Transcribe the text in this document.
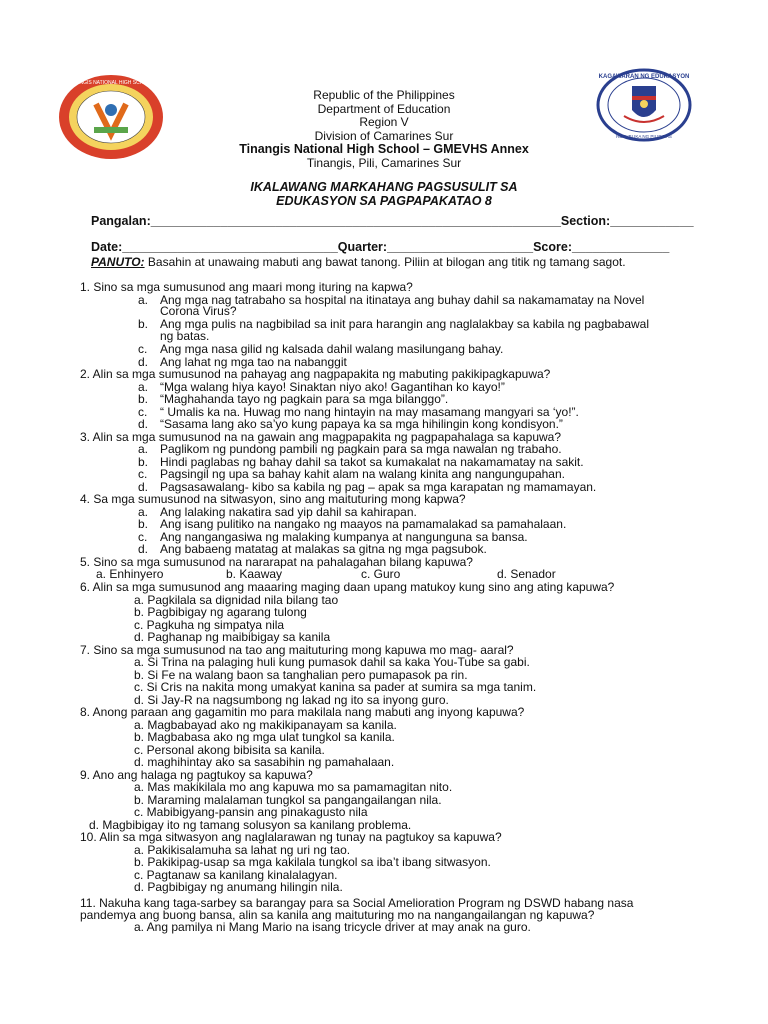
TINANGIS NATIONAL HIGH SCHOOL
KAGAWARAN NG EDUKASYON
REPUBLIKA NG PILIPINAS
Republic of the Philippines
Department of Education
Region V
Division of Camarines Sur
Tinangis National High School – GMEVHS Annex
Tinangis, Pili, Camarines Sur
IKALAWANG MARKAHANG PAGSUSULIT SA
EDUKASYON SA PAGPAPAKATAO 8
Pangalan:___________________________________________________________Section:____________
Date:_______________________________Quarter:_____________________Score:______________
PANUTO: Basahin at unawaing mabuti ang bawat tanong. Piliin at bilogan ang titik ng tamang sagot.
1. Sino sa mga sumusunod ang maari mong ituring na kapwa?
a. Ang mga nag tatrabaho sa hospital na itinataya ang buhay dahil sa nakamamatay na Novel
Corona Virus?
b. Ang mga pulis na nagbibilad sa init para harangin ang naglalakbay sa kabila ng pagbabawal
ng batas.
c. Ang mga nasa gilid ng kalsada dahil walang masilungang bahay.
d. Ang lahat ng mga tao na nabanggit
2. Alin sa mga sumusunod na pahayag ang nagpapakita ng mabuting pakikipagkapuwa?
a. “Mga walang hiya kayo! Sinaktan niyo ako! Gagantihan ko kayo!”
b. “Maghahanda tayo ng pagkain para sa mga bilanggo”.
c. “ Umalis ka na. Huwag mo nang hintayin na may masamang mangyari sa ‘yo!”.
d. “Sasama lang ako sa’yo kung papaya ka sa mga hihilingin kong kondisyon.”
3. Alin sa mga sumusunod na na gawain ang magpapakita ng pagpapahalaga sa kapuwa?
a. Paglikom ng pundong pambili ng pagkain para sa mga nawalan ng trabaho.
b. Hindi paglabas ng bahay dahil sa takot sa kumakalat na nakamamatay na sakit.
c. Pagsingil ng upa sa bahay kahit alam na walang kinita ang nangungupahan.
d. Pagsasawalang- kibo sa kabila ng pag – apak sa mga karapatan ng mamamayan.
4. Sa mga sumusunod na sitwasyon, sino ang maituturing mong kapwa?
a. Ang lalaking nakatira sad yip dahil sa kahirapan.
b. Ang isang pulitiko na nangako ng maayos na pamamalakad sa pamahalaan.
c. Ang nangangasiwa ng malaking kumpanya at nangunguna sa bansa.
d. Ang babaeng matatag at malakas sa gitna ng mga pagsubok.
5. Sino sa mga sumusunod na nararapat na pahalagahan bilang kapuwa?
a. Enhinyero	b. Kaaway	c. Guro	d. Senador
6. Alin sa mga sumusunod ang maaaring maging daan upang matukoy kung sino ang ating kapuwa?
a. Pagkilala sa dignidad nila bilang tao
b. Pagbibigay ng agarang tulong
c. Pagkuha ng simpatya nila
d. Paghanap ng maibibigay sa kanila
7. Sino sa mga sumusunod na tao ang maituturing mong kapuwa mo mag- aaral?
a. Si Trina na palaging huli kung pumasok dahil sa kaka You-Tube sa gabi.
b. Si Fe na walang baon sa tanghalian pero pumapasok pa rin.
c. Si Cris na nakita mong umakyat kanina sa pader at sumira sa mga tanim.
d. Si Jay-R na nagsumbong ng lakad ng ito sa inyong guro.
8. Anong paraan ang gagamitin mo para makilala nang mabuti ang inyong kapuwa?
a. Magbabayad ako ng makikipanayam sa kanila.
b. Magbabasa ako ng mga ulat tungkol sa kanila.
c. Personal akong bibisita sa kanila.
d. maghihintay ako sa sasabihin ng pamahalaan.
9. Ano ang halaga ng pagtukoy sa kapuwa?
a. Mas makikilala mo ang kapuwa mo sa pamamagitan nito.
b. Maraming malalaman tungkol sa pangangailangan nila.
c. Mabibigyang-pansin ang pinakagusto nila
d. Magbibigay ito ng tamang solusyon sa kanilang problema.
10. Alin sa mga sitwasyon ang naglalarawan ng tunay na pagtukoy sa kapuwa?
a. Pakikisalamuha sa lahat ng uri ng tao.
b. Pakikipag-usap sa mga kakilala tungkol sa iba’t ibang sitwasyon.
c. Pagtanaw sa kanilang kinalalagyan.
d. Pagbibigay ng anumang hilingin nila.
11. Nakuha kang taga-sarbey sa barangay para sa Social Amelioration Program ng DSWD habang nasa
pandemya ang buong bansa, alin sa kanila ang maituturing mo na nangangailangan ng kapuwa?
a. Ang pamilya ni Mang Mario na isang tricycle driver at may anak na guro.
